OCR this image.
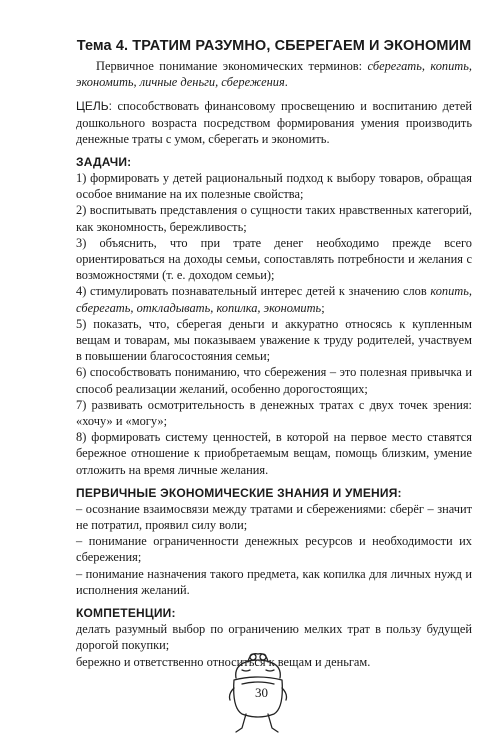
Тема 4. ТРАТИМ РАЗУМНО, СБЕРЕГАЕМ И ЭКОНОМИМ

Первичное понимание экономических терминов: сберегать, копить, экономить, личные деньги, сбережения.

ЦЕЛЬ: способствовать финансовому просвещению и воспитанию детей дошкольного возраста посредством формирования умения производить денежные траты с умом, сберегать и экономить.

ЗАДАЧИ:

1) формировать у детей рациональный подход к выбору товаров, обращая особое внимание на их полезные свойства;

2) воспитывать представления о сущности таких нравственных категорий, как экономность, бережливость;

3) объяснить, что при трате денег необходимо прежде всего ориентироваться на доходы семьи, сопоставлять потребности и желания с возможностями (т. е. доходом семьи);

4) стимулировать познавательный интерес детей к значению слов копить, сберегать, откладывать, копилка, экономить;

5) показать, что, сберегая деньги и аккуратно относясь к купленным вещам и товарам, мы показываем уважение к труду родителей, участвуем в повышении благосостояния семьи;

6) способствовать пониманию, что сбережения – это полезная привычка и способ реализации желаний, особенно дорогостоящих;

7) развивать осмотрительность в денежных тратах с двух точек зрения: «хочу» и «могу»;

8) формировать систему ценностей, в которой на первое место ставятся бережное отношение к приобретаемым вещам, помощь близким, умение отложить на время личные желания.

ПЕРВИЧНЫЕ ЭКОНОМИЧЕСКИЕ ЗНАНИЯ И УМЕНИЯ:

– осознание взаимосвязи между тратами и сбережениями: сберёг – значит не потратил, проявил силу воли;

– понимание ограниченности денежных ресурсов и необходимости их сбережения;

– понимание назначения такого предмета, как копилка для личных нужд и исполнения желаний.

КОМПЕТЕНЦИИ:

делать разумный выбор по ограничению мелких трат в пользу будущей дорогой покупки;

бережно и ответственно относиться к вещам и деньгам.

30
